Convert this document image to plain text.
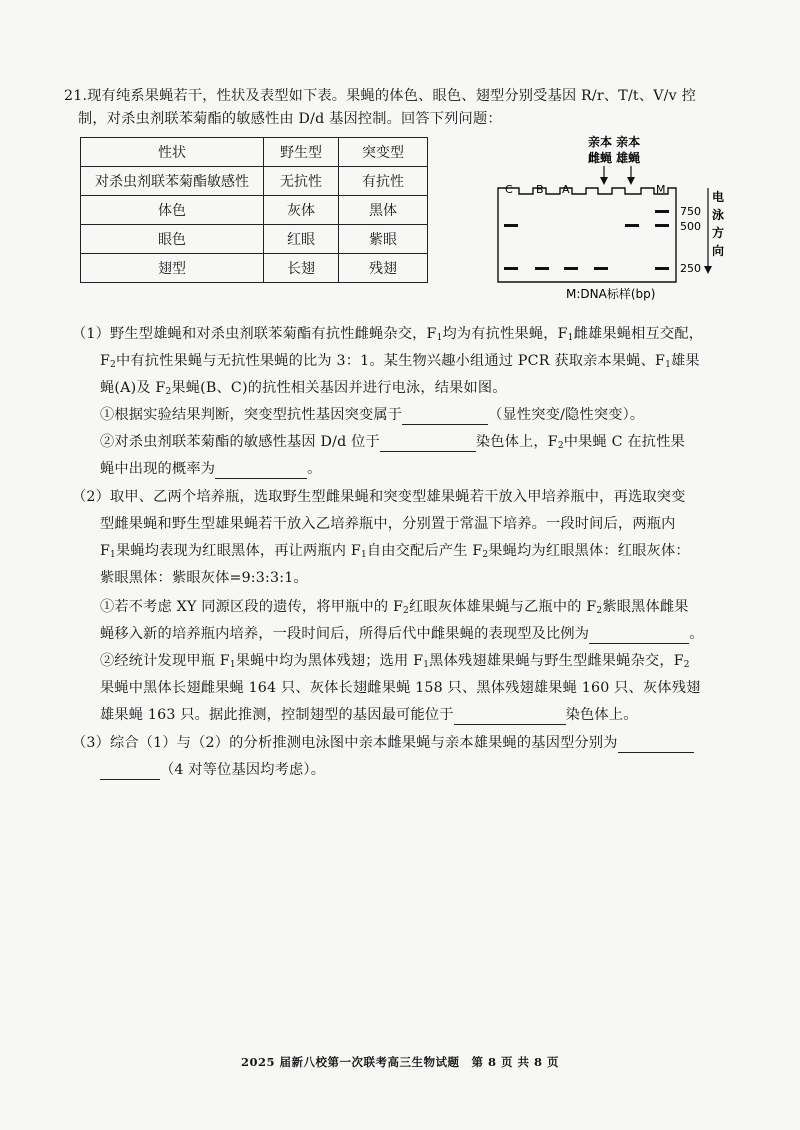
21.现有纯系果蝇若干，性状及表型如下表。果蝇的体色、眼色、翅型分别受基因 R/r、T/t、V/v 控
制，对杀虫剂联苯菊酯的敏感性由 D/d 基因控制。回答下列问题：
性状	野生型	突变型
对杀虫剂联苯菊酯敏感性	无抗性	有抗性
体色	灰体	黑体
眼色	红眼	紫眼
翅型	长翅	残翅
亲本 亲本
雌蝇 雄蝇
C B A	M
750
500
250
电
泳
方
向
M:DNA标样(bp)
（1）野生型雄蝇和对杀虫剂联苯菊酯有抗性雌蝇杂交，$F_1$均为有抗性果蝇，$F_1$雌雄果蝇相互交配，
$F_2$中有抗性果蝇与无抗性果蝇的比为 3：1。某生物兴趣小组通过 PCR 获取亲本果蝇、$F_1$雄果
蝇(A)及 $F_2$果蝇(B、C)的抗性相关基因并进行电泳，结果如图。
①根据实验结果判断，突变型抗性基因突变属于	（显性突变/隐性突变）。
②对杀虫剂联苯菊酯的敏感性基因 D/d 位于	染色体上，$F_2$中果蝇 C 在抗性果
蝇中出现的概率为	。
（2）取甲、乙两个培养瓶，选取野生型雌果蝇和突变型雄果蝇若干放入甲培养瓶中，再选取突变
型雌果蝇和野生型雄果蝇若干放入乙培养瓶中，分别置于常温下培养。一段时间后，两瓶内
$F_1$果蝇均表现为红眼黑体，再让两瓶内 $F_1$自由交配后产生 $F_2$果蝇均为红眼黑体：红眼灰体：
紫眼黑体：紫眼灰体=9:3:3:1。
①若不考虑 XY 同源区段的遗传，将甲瓶中的 $F_2$红眼灰体雄果蝇与乙瓶中的 $F_2$紫眼黑体雌果
蝇移入新的培养瓶内培养，一段时间后，所得后代中雌果蝇的表现型及比例为	。
②经统计发现甲瓶 $F_1$果蝇中均为黑体残翅；选用 $F_1$黑体残翅雄果蝇与野生型雌果蝇杂交，$F_2$
果蝇中黑体长翅雌果蝇 164 只、灰体长翅雌果蝇 158 只、黑体残翅雄果蝇 160 只、灰体残翅
雄果蝇 163 只。据此推测，控制翅型的基因最可能位于	染色体上。
（3）综合（1）与（2）的分析推测电泳图中亲本雌果蝇与亲本雄果蝇的基因型分别为
（4 对等位基因均考虑）。
2025 届新八校第一次联考高三生物试题　第 8 页 共 8 页
